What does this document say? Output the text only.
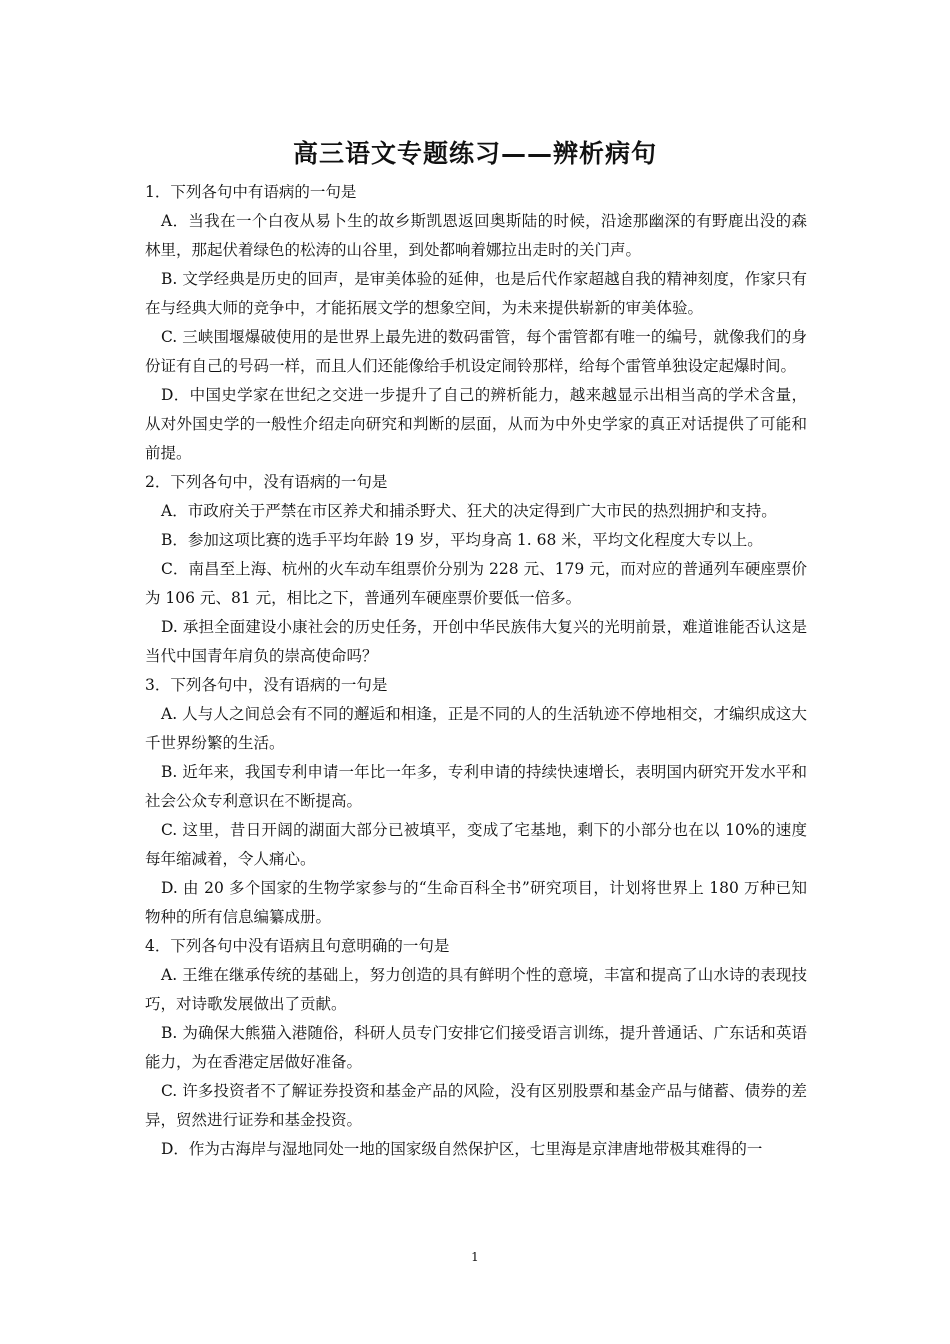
高三语文专题练习——辨析病句

1．下列各句中有语病的一句是

A．当我在一个白夜从易卜生的故乡斯凯恩返回奥斯陆的时候，沿途那幽深的有野鹿出没的森林里，那起伏着绿色的松涛的山谷里，到处都响着娜拉出走时的关门声。

B. 文学经典是历史的回声，是审美体验的延伸，也是后代作家超越自我的精神刻度，作家只有在与经典大师的竞争中，才能拓展文学的想象空间，为未来提供崭新的审美体验。

C. 三峡围堰爆破使用的是世界上最先进的数码雷管，每个雷管都有唯一的编号，就像我们的身份证有自己的号码一样，而且人们还能像给手机设定闹铃那样，给每个雷管单独设定起爆时间。

D．中国史学家在世纪之交进一步提升了自己的辨析能力，越来越显示出相当高的学术含量，从对外国史学的一般性介绍走向研究和判断的层面，从而为中外史学家的真正对话提供了可能和前提。

2．下列各句中，没有语病的一句是

A．市政府关于严禁在市区养犬和捕杀野犬、狂犬的决定得到广大市民的热烈拥护和支持。

B．参加这项比赛的选手平均年龄 19 岁，平均身高 1. 68 米，平均文化程度大专以上。

C．南昌至上海、杭州的火车动车组票价分别为 228 元、179 元，而对应的普通列车硬座票价为 106 元、81 元，相比之下，普通列车硬座票价要低一倍多。

D. 承担全面建设小康社会的历史任务，开创中华民族伟大复兴的光明前景，难道谁能否认这是当代中国青年肩负的崇高使命吗？

3．下列各句中，没有语病的一句是

A. 人与人之间总会有不同的邂逅和相逢，正是不同的人的生活轨迹不停地相交，才编织成这大千世界纷繁的生活。

B. 近年来，我国专利申请一年比一年多，专利申请的持续快速增长，表明国内研究开发水平和社会公众专利意识在不断提高。

C. 这里，昔日开阔的湖面大部分已被填平，变成了宅基地，剩下的小部分也在以 10%的速度每年缩减着，令人痛心。

D. 由 20 多个国家的生物学家参与的“生命百科全书”研究项目，计划将世界上 180 万种已知物种的所有信息编纂成册。

4．下列各句中没有语病且句意明确的一句是

A. 王维在继承传统的基础上，努力创造的具有鲜明个性的意境，丰富和提高了山水诗的表现技巧，对诗歌发展做出了贡献。

B. 为确保大熊猫入港随俗，科研人员专门安排它们接受语言训练，提升普通话、广东话和英语能力，为在香港定居做好准备。

C. 许多投资者不了解证券投资和基金产品的风险，没有区别股票和基金产品与储蓄、债券的差异，贸然进行证券和基金投资。

D．作为古海岸与湿地同处一地的国家级自然保护区，七里海是京津唐地带极其难得的一

1
